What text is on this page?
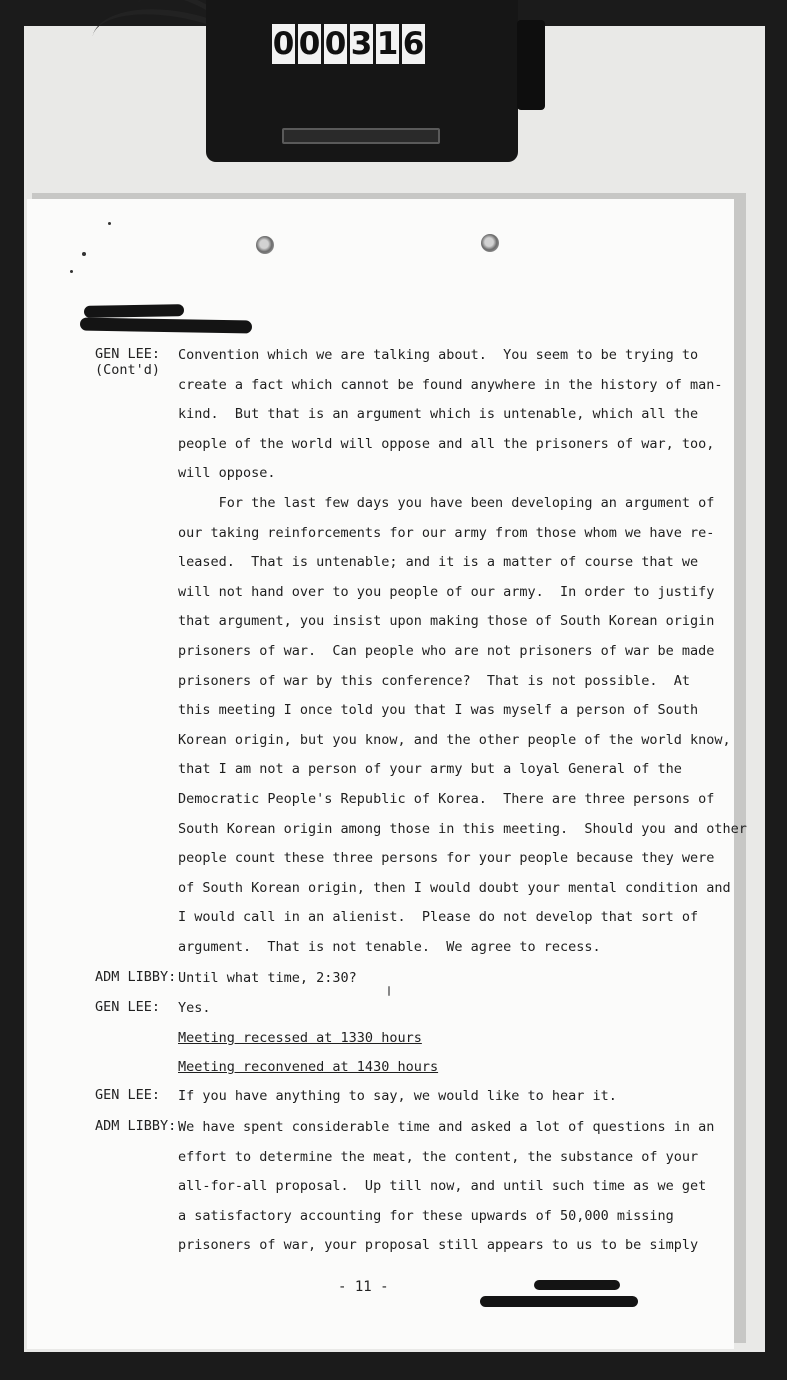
0 0 0 3 1 6
GEN LEE:
(Cont'd)
Convention which we are talking about.  You seem to be trying to
create a fact which cannot be found anywhere in the history of man-
kind.  But that is an argument which is untenable, which all the
people of the world will oppose and all the prisoners of war, too,
will oppose.
For the last few days you have been developing an argument of
our taking reinforcements for our army from those whom we have re-
leased.  That is untenable; and it is a matter of course that we
will not hand over to you people of our army.  In order to justify
that argument, you insist upon making those of South Korean origin
prisoners of war.  Can people who are not prisoners of war be made
prisoners of war by this conference?  That is not possible.  At
this meeting I once told you that I was myself a person of South
Korean origin, but you know, and the other people of the world know,
that I am not a person of your army but a loyal General of the
Democratic People's Republic of Korea.  There are three persons of
South Korean origin among those in this meeting.  Should you and other
people count these three persons for your people because they were
of South Korean origin, then I would doubt your mental condition and
I would call in an alienist.  Please do not develop that sort of
argument.  That is not tenable.  We agree to recess.
ADM LIBBY: Until what time, 2:30?
GEN LEE: Yes.
Meeting recessed at 1330 hours
Meeting reconvened at 1430 hours
GEN LEE: If you have anything to say, we would like to hear it.
ADM LIBBY: We have spent considerable time and asked a lot of questions in an
effort to determine the meat, the content, the substance of your
all-for-all proposal.  Up till now, and until such time as we get
a satisfactory accounting for these upwards of 50,000 missing
prisoners of war, your proposal still appears to us to be simply
- 11 -
